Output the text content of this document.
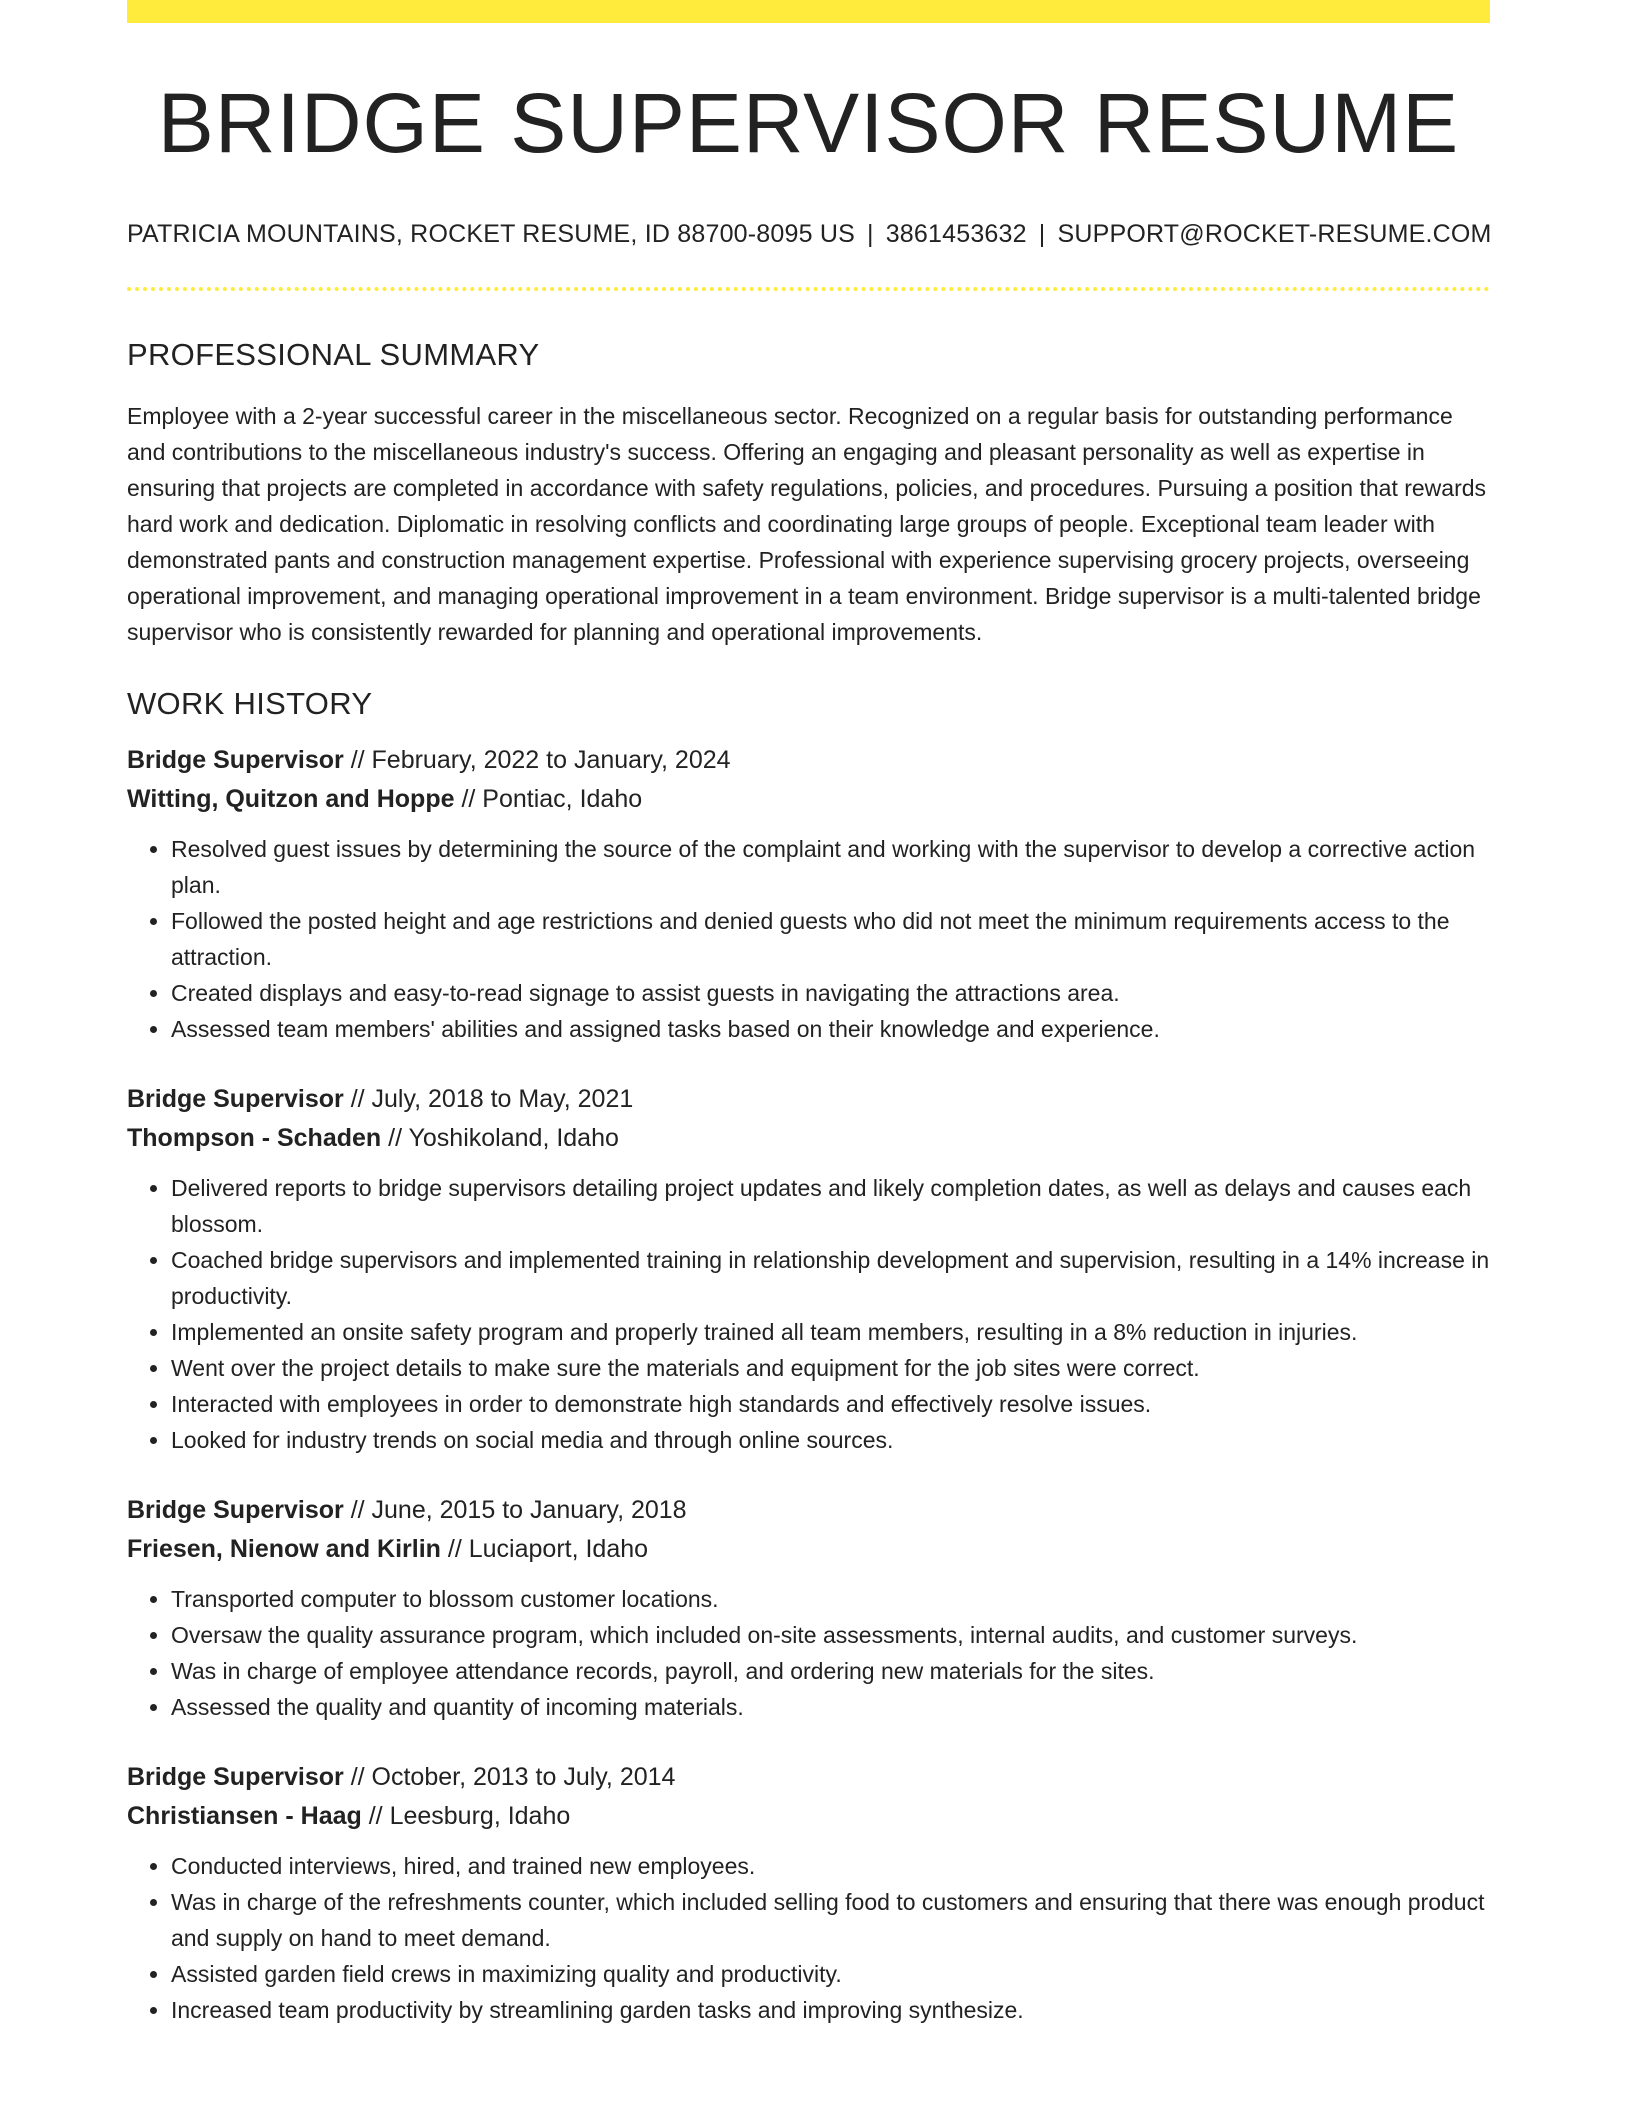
BRIDGE SUPERVISOR RESUME
PATRICIA MOUNTAINS, ROCKET RESUME, ID 88700-8095 US | 3861453632 | SUPPORT@ROCKET-RESUME.COM
PROFESSIONAL SUMMARY

Employee with a 2-year successful career in the miscellaneous sector. Recognized on a regular basis for outstanding performance and contributions to the miscellaneous industry's success. Offering an engaging and pleasant personality as well as expertise in ensuring that projects are completed in accordance with safety regulations, policies, and procedures. Pursuing a position that rewards hard work and dedication. Diplomatic in resolving conflicts and coordinating large groups of people. Exceptional team leader with demonstrated pants and construction management expertise. Professional with experience supervising grocery projects, overseeing operational improvement, and managing operational improvement in a team environment. Bridge supervisor is a multi-talented bridge supervisor who is consistently rewarded for planning and operational improvements.

WORK HISTORY

Bridge Supervisor // February, 2022 to January, 2024

Witting, Quitzon and Hoppe // Pontiac, Idaho

• Resolved guest issues by determining the source of the complaint and working with the supervisor to develop a corrective action plan.
• Followed the posted height and age restrictions and denied guests who did not meet the minimum requirements access to the attraction.
• Created displays and easy-to-read signage to assist guests in navigating the attractions area.
• Assessed team members' abilities and assigned tasks based on their knowledge and experience.

Bridge Supervisor // July, 2018 to May, 2021

Thompson - Schaden // Yoshikoland, Idaho

• Delivered reports to bridge supervisors detailing project updates and likely completion dates, as well as delays and causes each blossom.
• Coached bridge supervisors and implemented training in relationship development and supervision, resulting in a 14% increase in productivity.
• Implemented an onsite safety program and properly trained all team members, resulting in a 8% reduction in injuries.
• Went over the project details to make sure the materials and equipment for the job sites were correct.
• Interacted with employees in order to demonstrate high standards and effectively resolve issues.
• Looked for industry trends on social media and through online sources.

Bridge Supervisor // June, 2015 to January, 2018

Friesen, Nienow and Kirlin // Luciaport, Idaho

• Transported computer to blossom customer locations.
• Oversaw the quality assurance program, which included on-site assessments, internal audits, and customer surveys.
• Was in charge of employee attendance records, payroll, and ordering new materials for the sites.
• Assessed the quality and quantity of incoming materials.

Bridge Supervisor // October, 2013 to July, 2014

Christiansen - Haag // Leesburg, Idaho

• Conducted interviews, hired, and trained new employees.
• Was in charge of the refreshments counter, which included selling food to customers and ensuring that there was enough product and supply on hand to meet demand.
• Assisted garden field crews in maximizing quality and productivity.
• Increased team productivity by streamlining garden tasks and improving synthesize.
